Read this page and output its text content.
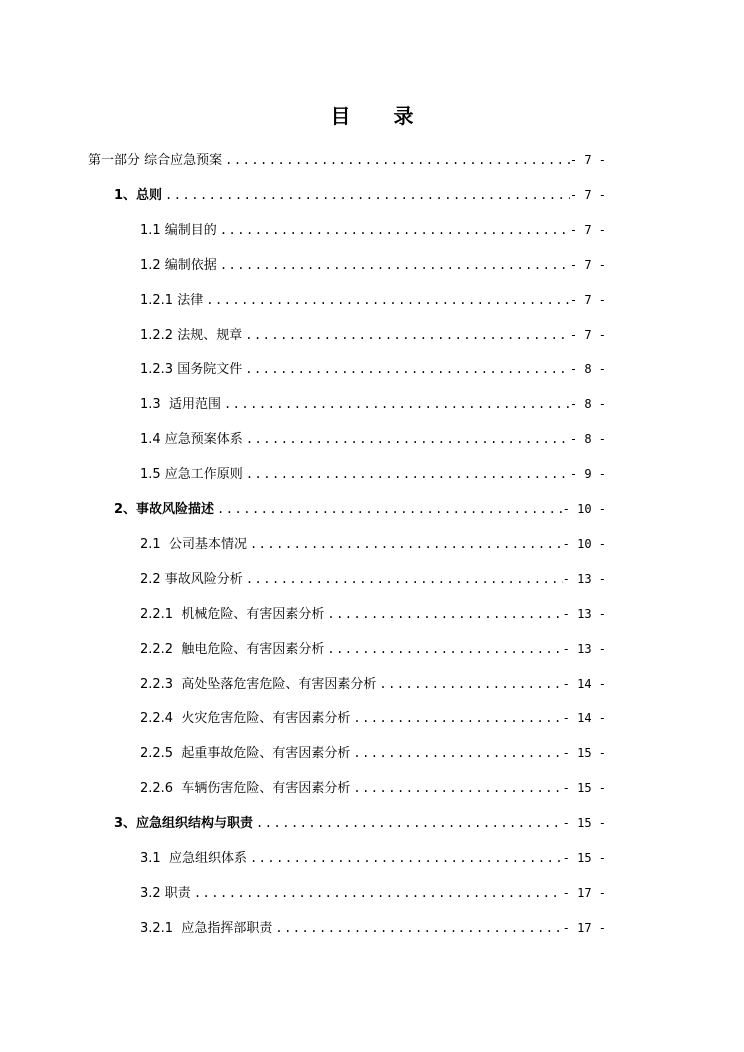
目 录
第一部分 综合应急预案 .....	- 7 -
1、总则 .....	- 7 -
1.1 编制目的 .....	- 7 -
1.2 编制依据 .....	- 7 -
1.2.1 法律 .....	- 7 -
1.2.2 法规、规章 .....	- 7 -
1.2.3 国务院文件 .....	- 8 -
1.3  适用范围 .....	- 8 -
1.4 应急预案体系 .....	- 8 -
1.5 应急工作原则 .....	- 9 -
2、事故风险描述 .....	- 10 -
2.1  公司基本情况 .....	- 10 -
2.2 事故风险分析 .....	- 13 -
2.2.1  机械危险、有害因素分析 .....	- 13 -
2.2.2  触电危险、有害因素分析 .....	- 13 -
2.2.3  高处坠落危害危险、有害因素分析 .....	- 14 -
2.2.4  火灾危害危险、有害因素分析 .....	- 14 -
2.2.5  起重事故危险、有害因素分析 .....	- 15 -
2.2.6  车辆伤害危险、有害因素分析 .....	- 15 -
3、应急组织结构与职责 .....	- 15 -
3.1  应急组织体系 .....	- 15 -
3.2 职责 .....	- 17 -
3.2.1  应急指挥部职责 .....	- 17 -
